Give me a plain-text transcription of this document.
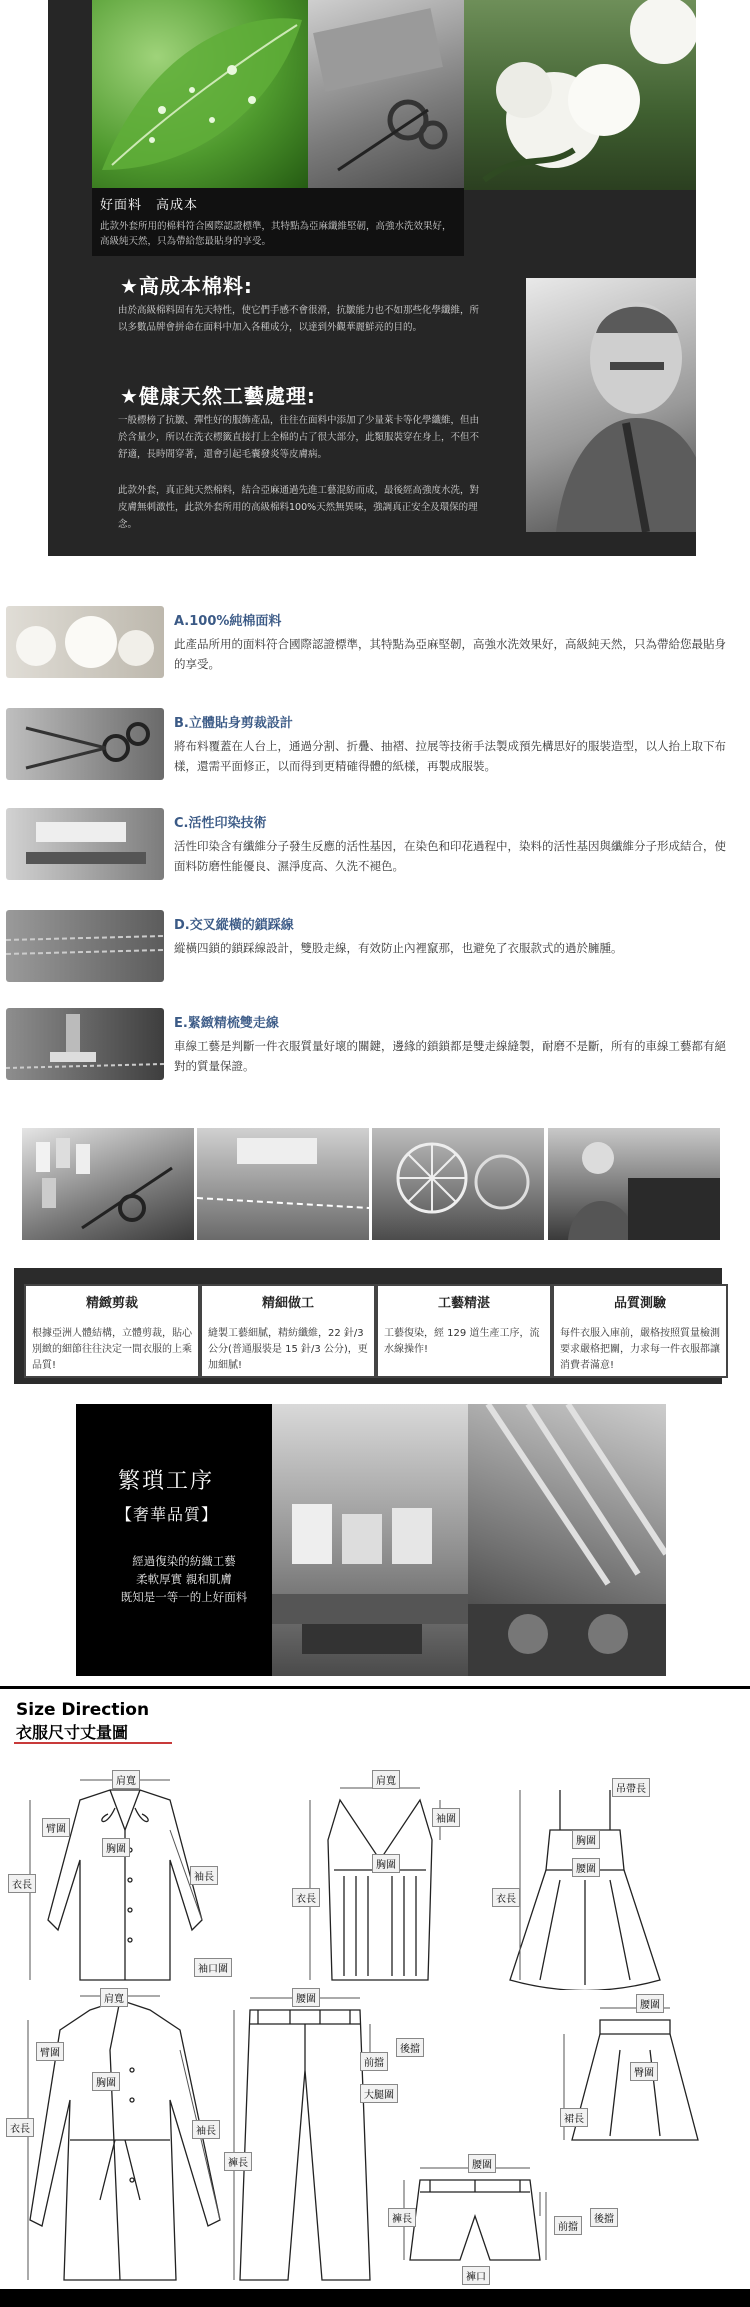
好面料　高成本
此款外套所用的棉料符合國際認證標準，其特點為亞麻纖維堅韌，高強水洗效果好，高級純天然，只為帶給您最貼身的享受。
★高成本棉料:
由於高級棉料固有先天特性，使它們手感不會很滑，抗皺能力也不如那些化學纖維，所以多數品牌會拼命在面料中加入各種成分，以達到外觀華麗鮮亮的目的。
★健康天然工藝處理:
一般標榜了抗皺、彈性好的服飾產品，往往在面料中添加了少量萊卡等化學纖維，但由於含量少，所以在洗衣標籤直接打上全棉的占了很大部分，此類服裝穿在身上，不但不舒適，長時間穿著，還會引起毛囊發炎等皮膚病。
此款外套，真正純天然棉料，結合亞麻通過先進工藝混紡而成，最後經高強度水洗，對皮膚無刺激性，此款外套所用的高級棉料100%天然無異味，強調真正安全及環保的理念。
A.100%純棉面料
此產品所用的面料符合國際認證標準，其特點為亞麻堅韌，高強水洗效果好，高級純天然，只為帶給您最貼身的享受。
B.立體貼身剪裁設計
將布料覆蓋在人台上，通過分割、折疊、抽褶、拉展等技術手法製成預先構思好的服裝造型，以人抬上取下布樣，還需平面修正，以而得到更精確得體的紙樣，再製成服裝。
C.活性印染技術
活性印染含有纖維分子發生反應的活性基因，在染色和印花過程中，染料的活性基因與纖維分子形成結合，使面料防磨性能優良、濕淨度高、久洗不褪色。
D.交叉縱橫的鎖踩線
縱橫四鎖的鎖踩線設計，雙股走線，有效防止內裡竄那，也避免了衣服款式的過於臃腫。
E.緊緻精梳雙走線
車線工藝是判斷一件衣服質量好壞的關鍵，邊緣的鎖鎖都是雙走線縫製，耐磨不是斷，所有的車線工藝都有絕對的質量保證。
精緻剪裁
根據亞洲人體結構，立體剪裁，貼心別緻的細節往往決定一間衣服的上乘品質!
精細做工
縫製工藝細膩，精紡纖維，22 針/3 公分(普通服裝是 15 針/3 公分)，更加細膩!
工藝精湛
工藝復染，經 129 道生產工序，流水線操作!
品質測驗
每件衣服入庫前，嚴格按照質量檢測要求嚴格把關，力求每一件衣服都讓消費者滿意!
繁瑣工序
【奢華品質】
經過復染的紡織工藝
柔軟厚實 親和肌膚
既知是一等一的上好面料
Size Direction
衣服尺寸丈量圖
肩寬
臂圍
胸圍
袖長
衣長
袖口圍
肩寬
袖圍
胸圍
衣長
吊帶長
胸圍
腰圍
衣長
肩寬
臂圍
胸圍
袖長
衣長
腰圍
前擋
後擋
大腿圍
褲長
腰圍
臀圍
裙長
腰圍
褲長
前擋
後擋
褲口
